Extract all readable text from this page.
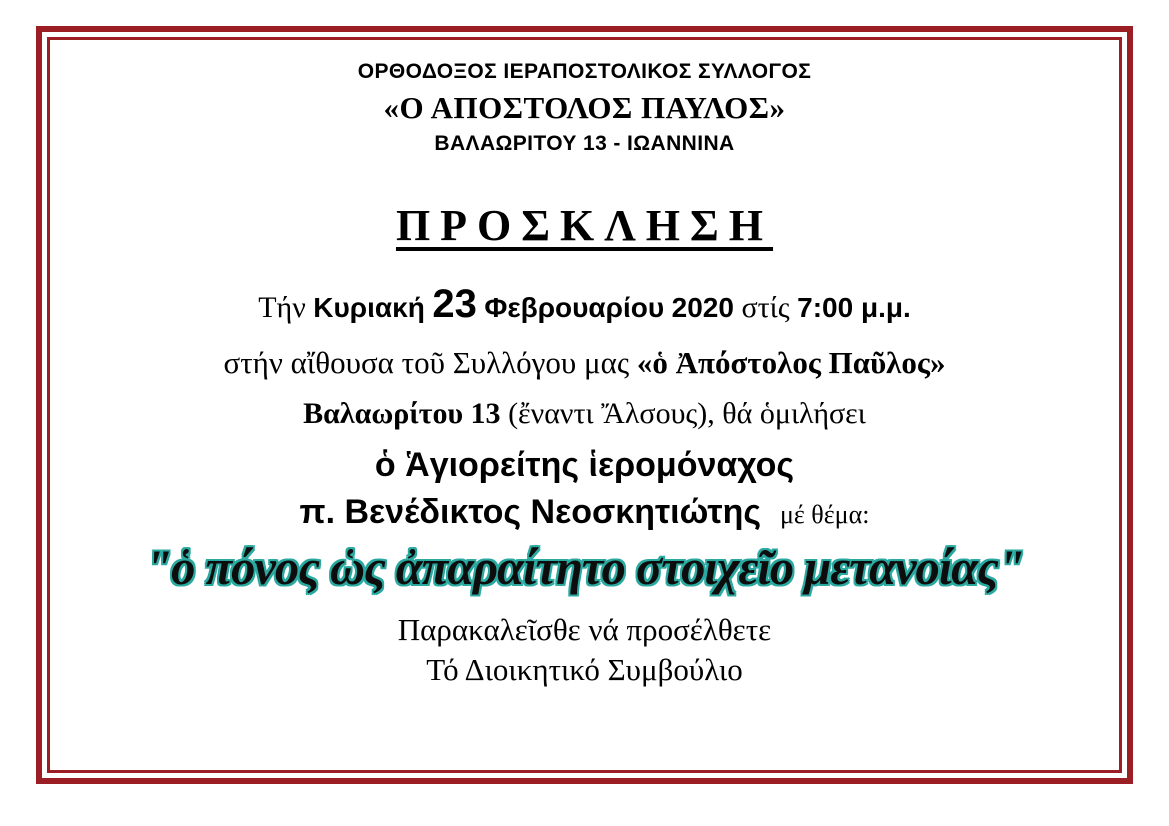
ΟΡΘΟΔΟΞΟΣ ΙΕΡΑΠΟΣΤΟΛΙΚΟΣ ΣΥΛΛΟΓΟΣ
«Ο ΑΠΟΣΤΟΛΟΣ ΠΑΥΛΟΣ»
ΒΑΛΑΩΡΙΤΟΥ 13 - ΙΩΑΝΝΙΝΑ
ΠΡΟΣΚΛΗΣΗ
Τήν Κυριακή 23 Φεβρουαρίου 2020 στίς 7:00 μ.μ.
στήν αἴθουσα τοῦ Συλλόγου μας «ὁ Ἀπόστολος Παῦλος»
Βαλαωρίτου 13 (ἔναντι Ἄλσους), θά ὁμιλήσει
ὁ Ἁγιορείτης ἱερομόναχος
π. Βενέδικτος Νεοσκητιώτης μέ θέμα:
"ὁ πόνος ὡς ἀπαραίτητο στοιχεῖο μετανοίας"
Παρακαλεῖσθε νά προσέλθετε
Τό Διοικητικό Συμβούλιο
